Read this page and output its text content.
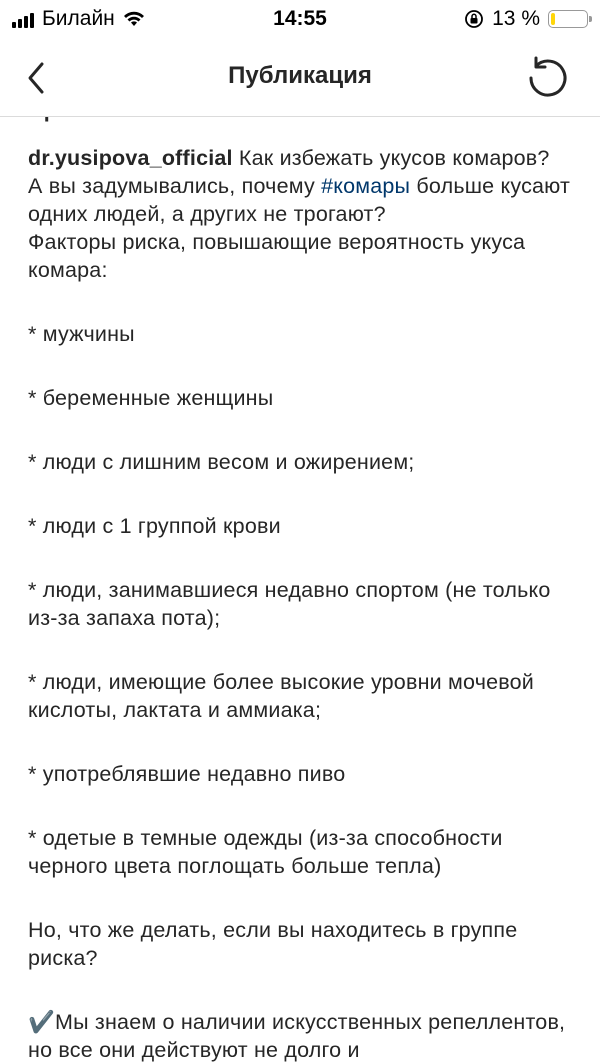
Билайн	14:55	13 %

dr.yusipova_official Как избежать укусов комаров?
А вы задумывались, почему #комары больше кусают одних людей, а других не трогают?
Факторы риска, повышающие вероятность укуса комара:

* мужчины
* беременные женщины
* люди с лишним весом и ожирением;
* люди с 1 группой крови
* люди, занимавшиеся недавно спортом (не только из-за запаха пота);
* люди, имеющие более высокие уровни мочевой кислоты, лактата и аммиака;
* употреблявшие недавно пиво
* одетые в темные одежды (из-за способности черного цвета поглощать больше тепла)
Но, что же делать, если вы находитесь в группе риска?
✔️Мы знаем о наличии искусственных репеллентов, но все они действуют не долго и
Публикация
